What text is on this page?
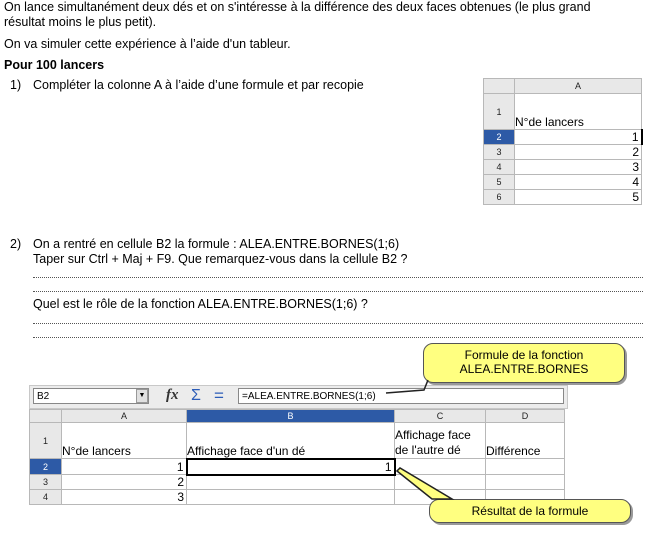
On lance simultanément deux dés et on s'intéresse à la différence des deux faces obtenues (le plus grand
résultat moins le plus petit).
On va simuler cette expérience à l’aide d'un tableur.
Pour 100 lancers
1) Compléter la colonne A à l’aide d’une formule et par recopie
		A
1	N°de lancers
2	1
3	2
4	3
5	4
6	5
2) On a rentré en cellule B2 la formule : ALEA.ENTRE.BORNES(1;6)
Taper sur Ctrl + Maj + F9. Que remarquez-vous dans la cellule B2 ?
Quel est le rôle de la fonction ALEA.ENTRE.BORNES(1;6) ?
Formule de la fonction
ALEA.ENTRE.BORNES
B2	▼ fx Σ =	=ALEA.ENTRE.BORNES(1;6)
	A	B	C	D
1	N°de lancers	Affichage face d'un dé	Affichage face
de l'autre dé	Différence
2	1	1		
3	2			
4	3			
Résultat de la formule
